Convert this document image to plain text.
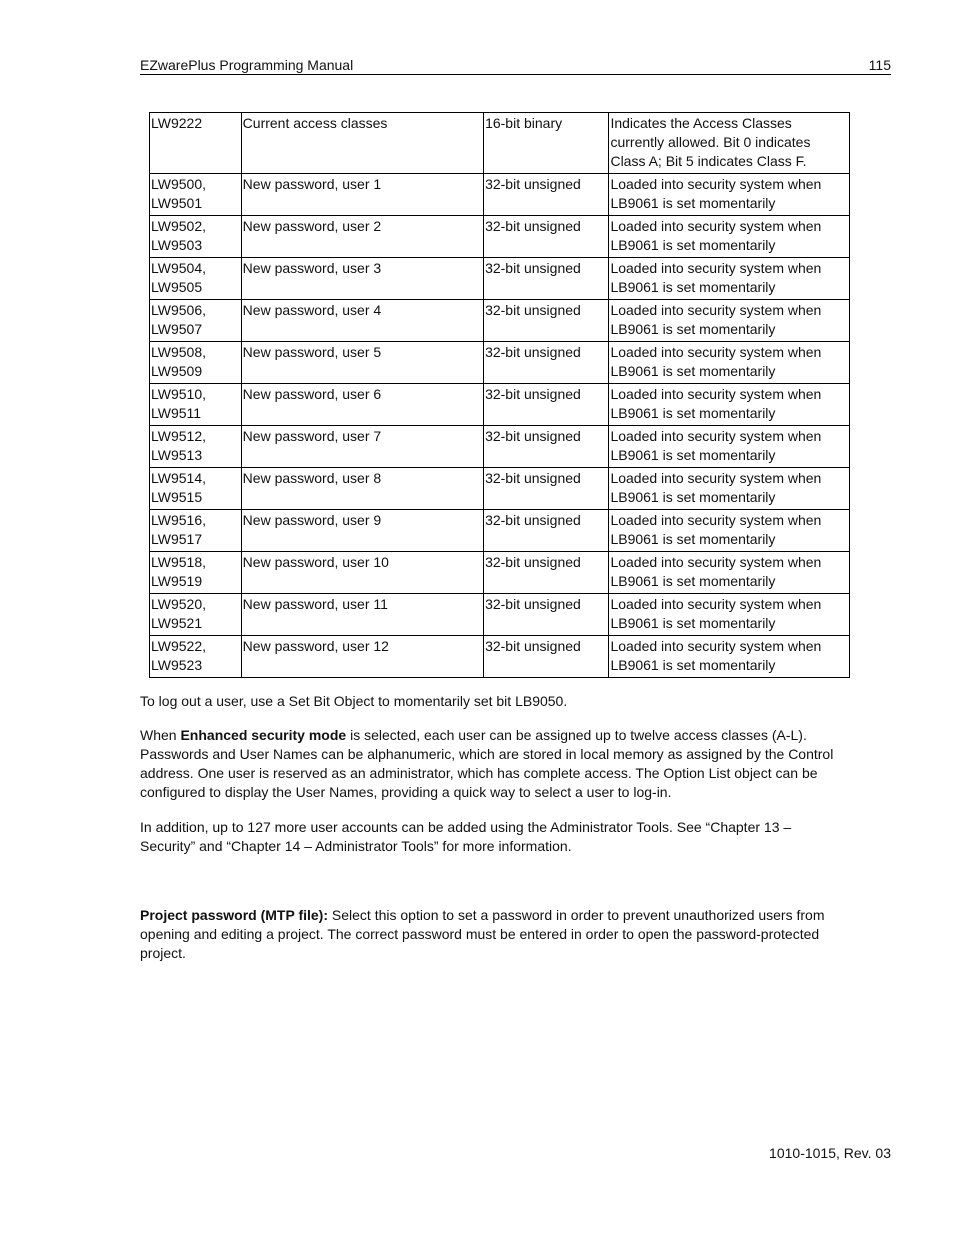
EZwarePlus Programming Manual	115
LW9222	Current access classes	16-bit binary	Indicates the Access Classes currently allowed. Bit 0 indicates Class A; Bit 5 indicates Class F.
LW9500, LW9501	New password, user 1	32-bit unsigned	Loaded into security system when LB9061 is set momentarily
LW9502, LW9503	New password, user 2	32-bit unsigned	Loaded into security system when LB9061 is set momentarily
LW9504, LW9505	New password, user 3	32-bit unsigned	Loaded into security system when LB9061 is set momentarily
LW9506, LW9507	New password, user 4	32-bit unsigned	Loaded into security system when LB9061 is set momentarily
LW9508, LW9509	New password, user 5	32-bit unsigned	Loaded into security system when LB9061 is set momentarily
LW9510, LW9511	New password, user 6	32-bit unsigned	Loaded into security system when LB9061 is set momentarily
LW9512, LW9513	New password, user 7	32-bit unsigned	Loaded into security system when LB9061 is set momentarily
LW9514, LW9515	New password, user 8	32-bit unsigned	Loaded into security system when LB9061 is set momentarily
LW9516, LW9517	New password, user 9	32-bit unsigned	Loaded into security system when LB9061 is set momentarily
LW9518, LW9519	New password, user 10	32-bit unsigned	Loaded into security system when LB9061 is set momentarily
LW9520, LW9521	New password, user 11	32-bit unsigned	Loaded into security system when LB9061 is set momentarily
LW9522, LW9523	New password, user 12	32-bit unsigned	Loaded into security system when LB9061 is set momentarily

To log out a user, use a Set Bit Object to momentarily set bit LB9050.

When Enhanced security mode is selected, each user can be assigned up to twelve access classes (A-L). Passwords and User Names can be alphanumeric, which are stored in local memory as assigned by the Control address. One user is reserved as an administrator, which has complete access. The Option List object can be configured to display the User Names, providing a quick way to select a user to log-in.

In addition, up to 127 more user accounts can be added using the Administrator Tools. See “Chapter 13 – Security” and “Chapter 14 – Administrator Tools” for more information.

Project password (MTP file): Select this option to set a password in order to prevent unauthorized users from opening and editing a project. The correct password must be entered in order to open the password-protected project.

1010-1015, Rev. 03
